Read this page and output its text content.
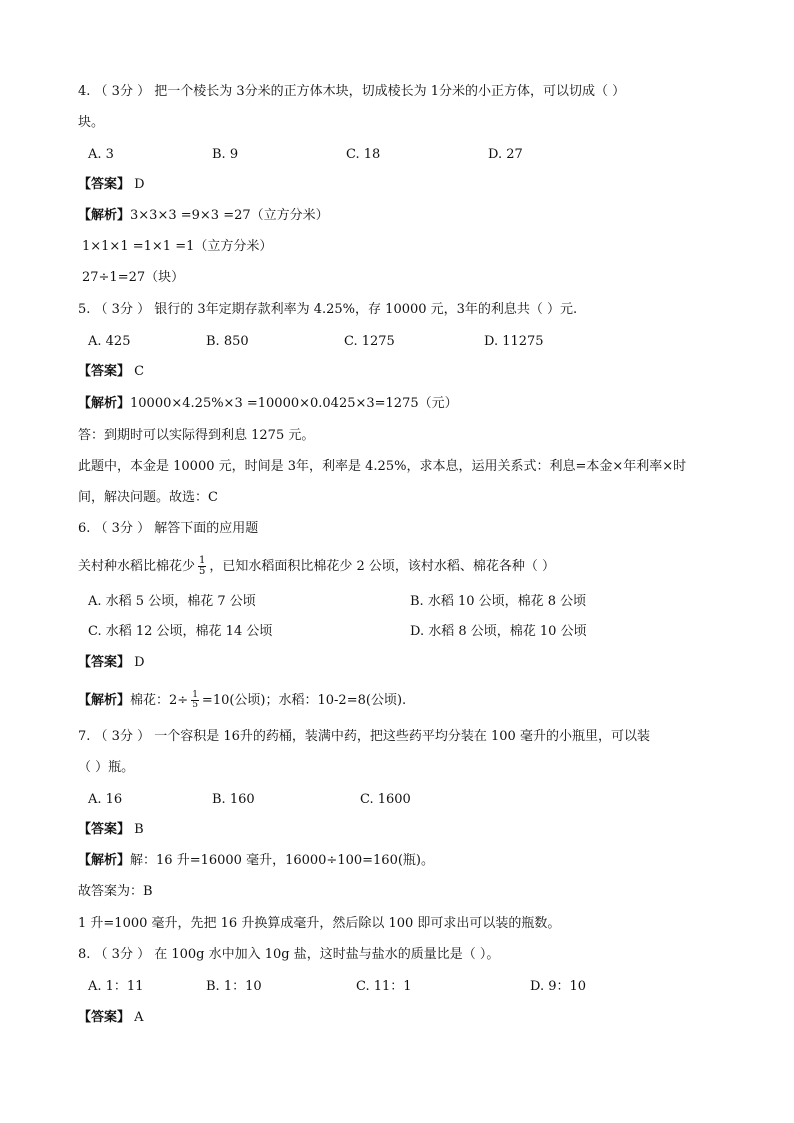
4. （ 3分 ） 把一个棱长为 3分米的正方体木块，切成棱长为 1分米的小正方体，可以切成（ ）
块。
A. 3	B. 9	C. 18	D. 27
【答案】 D
【解析】3×3×3 =9×3 =27（立方分米）
1×1×1 =1×1 =1（立方分米）
27÷1=27（块）
5. （ 3分 ） 银行的 3年定期存款利率为 4.25%，存 10000 元，3年的利息共（ ）元.
A. 425	B. 850	C. 1275	D. 11275
【答案】 C
【解析】10000×4.25%×3 =10000×0.0425×3=1275（元）
答：到期时可以实际得到利息 1275 元。
此题中，本金是 10000 元，时间是 3年，利率是 4.25%，求本息，运用关系式：利息=本金×年利率×时
间，解决问题。故选：C
6. （ 3分 ） 解答下面的应用题
关村种水稻比棉花少 $\frac{1}{5}$ ，已知水稻面积比棉花少 2 公顷，该村水稻、棉花各种（ ）
A. 水稻 5 公顷，棉花 7 公顷	B. 水稻 10 公顷，棉花 8 公顷
C. 水稻 12 公顷，棉花 14 公顷	D. 水稻 8 公顷，棉花 10 公顷
【答案】 D
【解析】棉花：$2\div \frac{1}{5} =10$(公顷)；水稻：10-2=8(公顷).
7. （ 3分 ） 一个容积是 16升的药桶，装满中药，把这些药平均分装在 100 毫升的小瓶里，可以装
（ ）瓶。
A. 16	B. 160	C. 1600
【答案】 B
【解析】解：16 升=16000 毫升，16000÷100=160(瓶)。
故答案为：B
1 升=1000 毫升，先把 16 升换算成毫升，然后除以 100 即可求出可以装的瓶数。
8. （ 3分 ） 在 100g 水中加入 10g 盐，这时盐与盐水的质量比是（ ）。
A. 1：11	B. 1：10	C. 11：1	D. 9：10
【答案】 A
